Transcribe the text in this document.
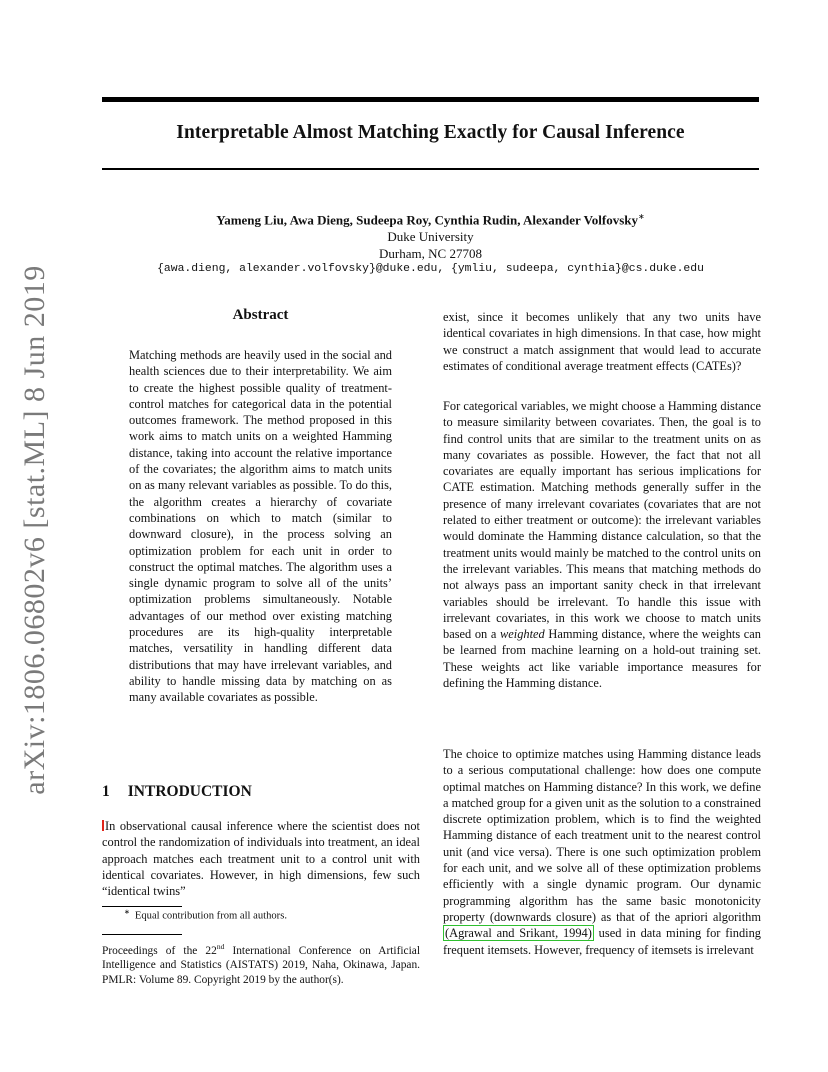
Interpretable Almost Matching Exactly for Causal Inference
Yameng Liu, Awa Dieng, Sudeepa Roy, Cynthia Rudin, Alexander Volfovsky∗
Duke University
Durham, NC 27708
{awa.dieng, alexander.volfovsky}@duke.edu, {ymliu, sudeepa, cynthia}@cs.duke.edu
arXiv:1806.06802v6 [stat.ML] 8 Jun 2019	Abstract

Matching methods are heavily used in the social and health sciences due to their interpretability. We aim to create the highest possible quality of treatment-control matches for categorical data in the potential outcomes framework. The method proposed in this work aims to match units on a weighted Hamming distance, taking into account the relative importance of the covariates; the algorithm aims to match units on as many relevant variables as possible. To do this, the algorithm creates a hierarchy of covariate combinations on which to match (similar to downward closure), in the process solving an optimization problem for each unit in order to construct the optimal matches. The algorithm uses a single dynamic program to solve all of the units’ optimization problems simultaneously. Notable advantages of our method over existing matching procedures are its high-quality interpretable matches, versatility in handling different data distributions that may have irrelevant variables, and ability to handle missing data by matching on as many available covariates as possible.

1 INTRODUCTION

In observational causal inference where the scientist does not control the randomization of individuals into treatment, an ideal approach matches each treatment unit to a control unit with identical covariates. However, in high dimensions, few such “identical twins”

∗ Equal contribution from all authors.

Proceedings of the 22nd International Conference on Artificial Intelligence and Statistics (AISTATS) 2019, Naha, Okinawa, Japan. PMLR: Volume 89. Copyright 2019 by the author(s).

exist, since it becomes unlikely that any two units have identical covariates in high dimensions. In that case, how might we construct a match assignment that would lead to accurate estimates of conditional average treatment effects (CATEs)?

For categorical variables, we might choose a Hamming distance to measure similarity between covariates. Then, the goal is to find control units that are similar to the treatment units on as many covariates as possible. However, the fact that not all covariates are equally important has serious implications for CATE estimation. Matching methods generally suffer in the presence of many irrelevant covariates (covariates that are not related to either treatment or outcome): the irrelevant variables would dominate the Hamming distance calculation, so that the treatment units would mainly be matched to the control units on the irrelevant variables. This means that matching methods do not always pass an important sanity check in that irrelevant variables should be irrelevant. To handle this issue with irrelevant covariates, in this work we choose to match units based on a weighted Hamming distance, where the weights can be learned from machine learning on a hold-out training set. These weights act like variable importance measures for defining the Hamming distance.

The choice to optimize matches using Hamming distance leads to a serious computational challenge: how does one compute optimal matches on Hamming distance? In this work, we define a matched group for a given unit as the solution to a constrained discrete optimization problem, which is to find the weighted Hamming distance of each treatment unit to the nearest control unit (and vice versa). There is one such optimization problem for each unit, and we solve all of these optimization problems efficiently with a single dynamic program. Our dynamic programming algorithm has the same basic monotonicity property (downwards closure) as that of the apriori algorithm (Agrawal and Srikant, 1994) used in data mining for finding frequent itemsets. However, frequency of itemsets is irrelevant
